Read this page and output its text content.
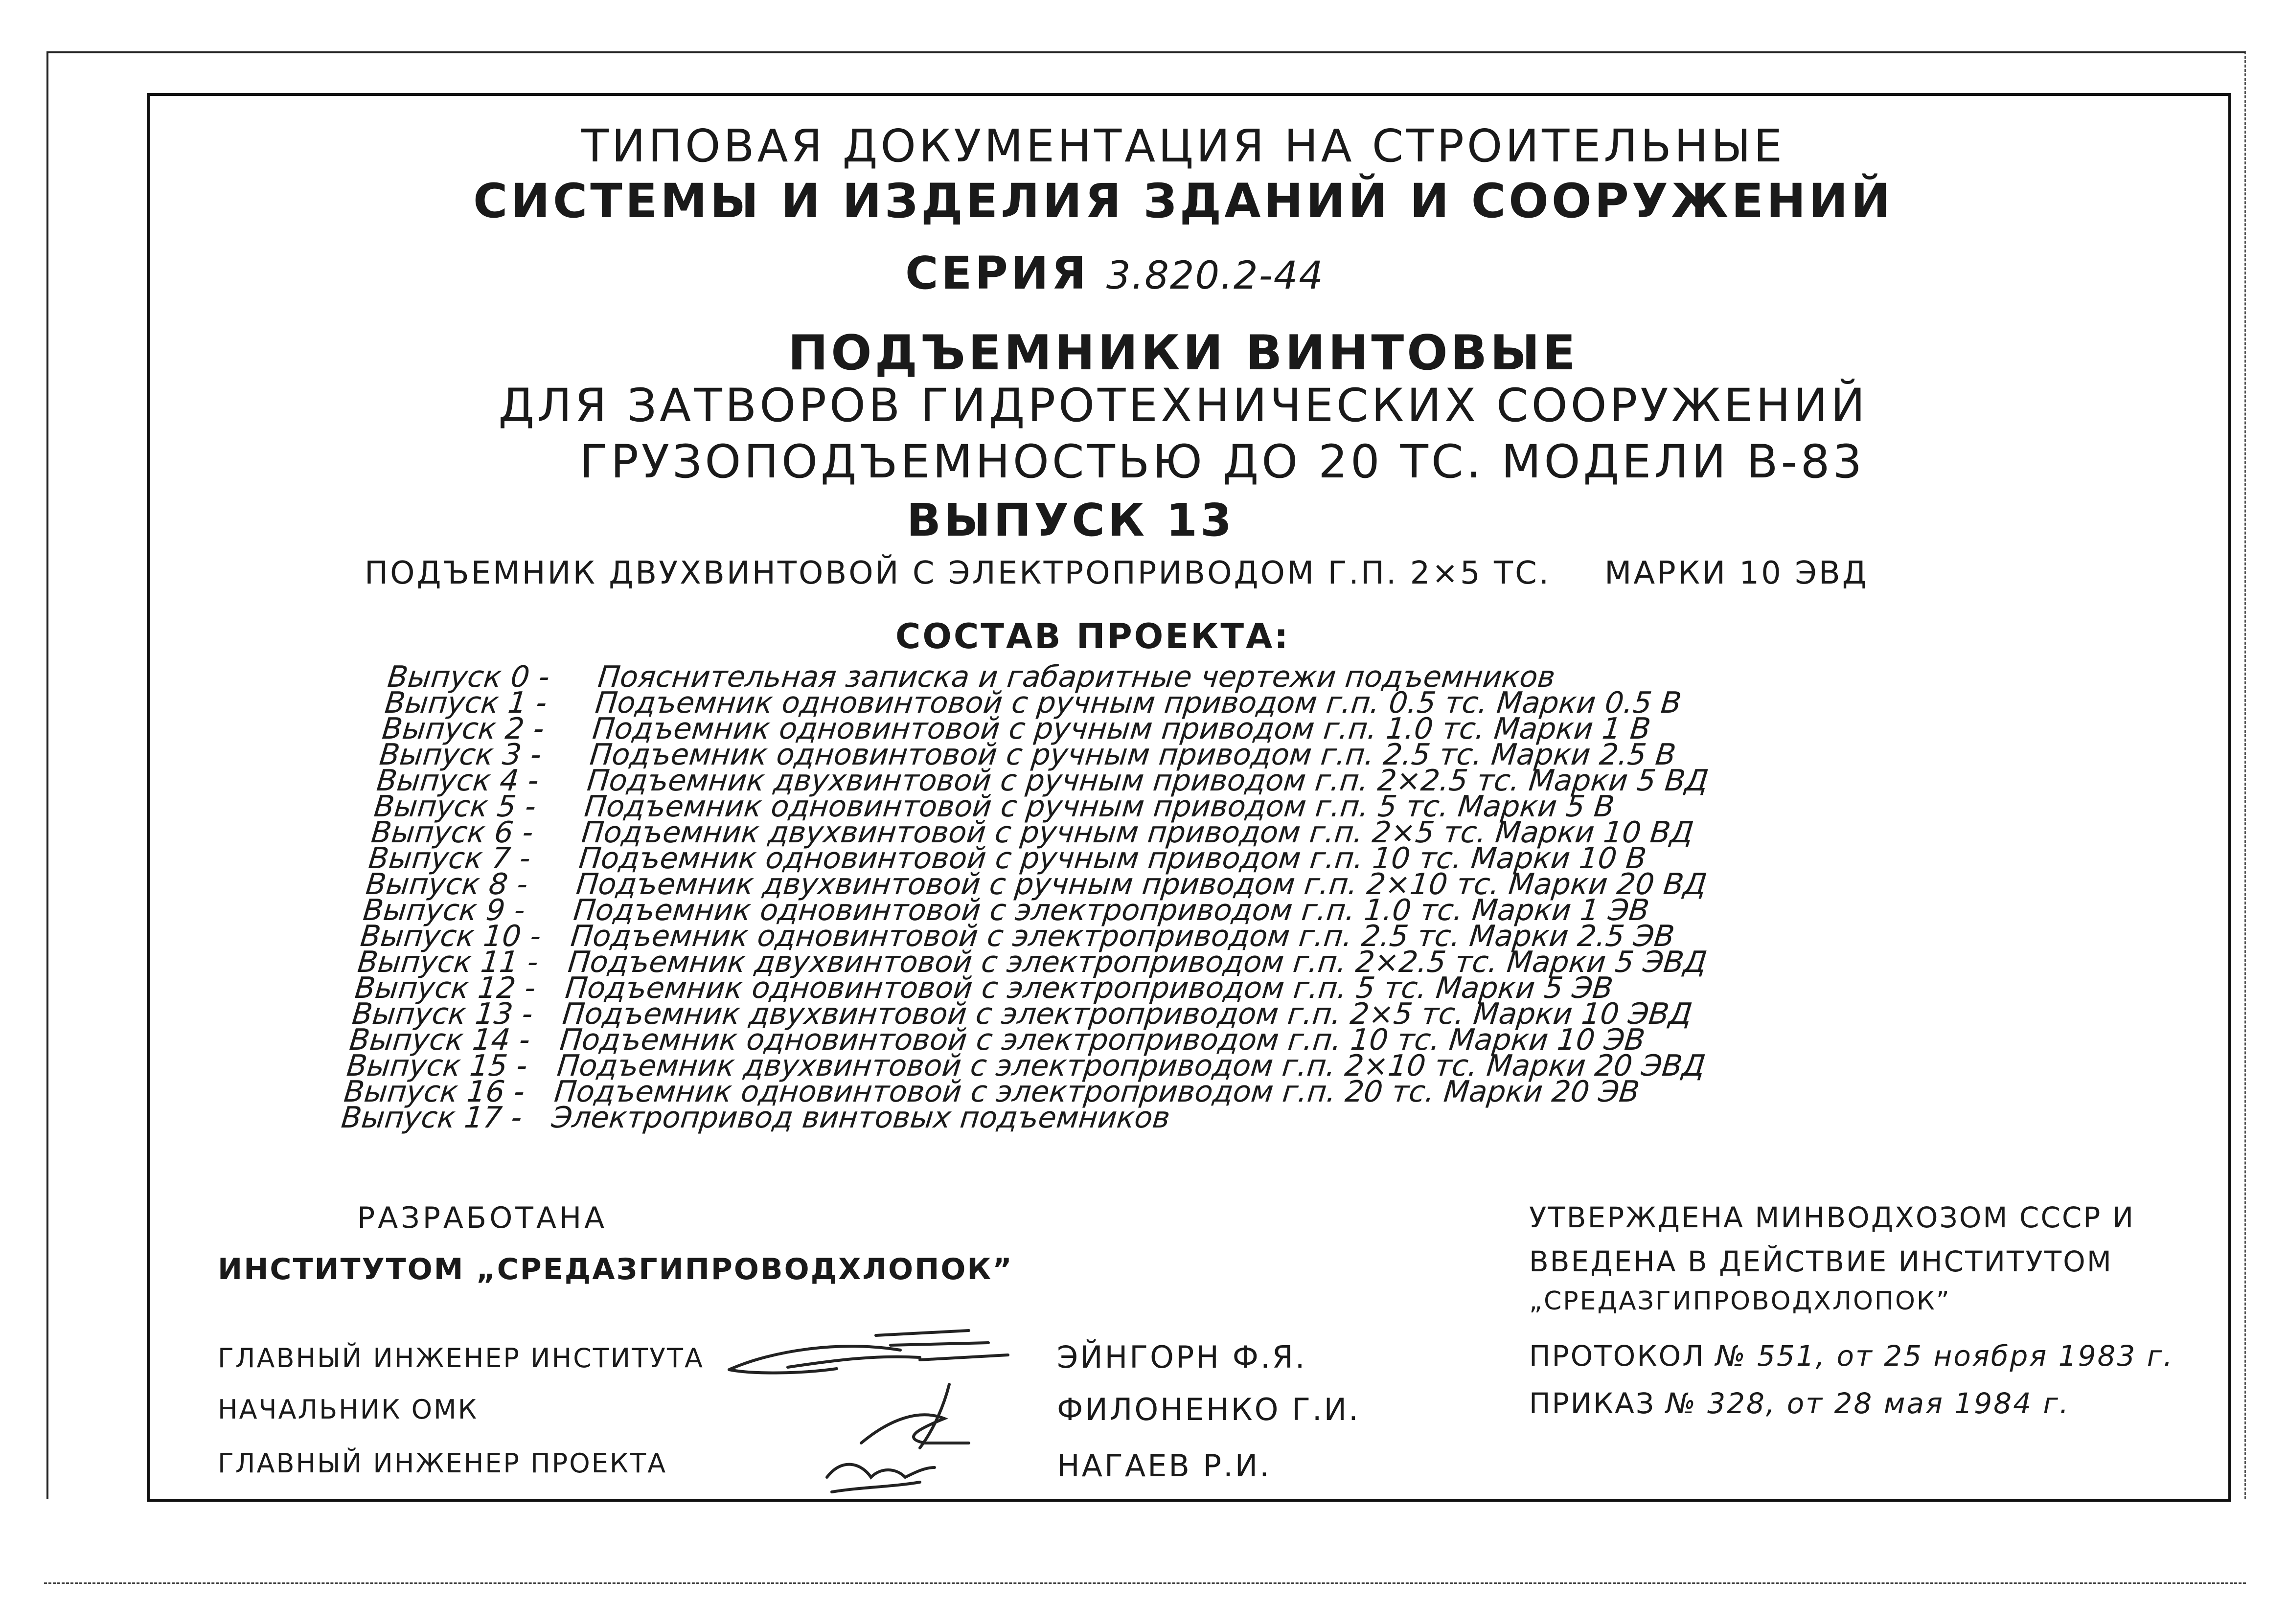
ТИПОВАЯ ДОКУМЕНТАЦИЯ НА СТРОИТЕЛЬНЫЕ
СИСТЕМЫ И ИЗДЕЛИЯ ЗДАНИЙ И СООРУЖЕНИЙ
СЕРИЯ 3.820.2-44
ПОДЪЕМНИКИ ВИНТОВЫЕ
ДЛЯ ЗАТВОРОВ ГИДРОТЕХНИЧЕСКИХ СООРУЖЕНИЙ
ГРУЗОПОДЪЕМНОСТЬЮ ДО 20 ТС. МОДЕЛИ В-83
ВЫПУСК 13
ПОДЪЕМНИК ДВУХВИНТОВОЙ С ЭЛЕКТРОПРИВОДОМ Г.П. 2×5 ТС. МАРКИ 10 ЭВД
СОСТАВ ПРОЕКТА:
Выпуск 0 - Пояснительная записка и габаритные чертежи подъемников
Выпуск 1 - Подъемник одновинтовой с ручным приводом г.п. 0.5 тс. Марки 0.5 В
Выпуск 2 - Подъемник одновинтовой с ручным приводом г.п. 1.0 тс. Марки 1 В
Выпуск 3 - Подъемник одновинтовой с ручным приводом г.п. 2.5 тс. Марки 2.5 В
Выпуск 4 - Подъемник двухвинтовой с ручным приводом г.п. 2×2.5 тс. Марки 5 ВД
Выпуск 5 - Подъемник одновинтовой с ручным приводом г.п. 5 тс. Марки 5 В
Выпуск 6 - Подъемник двухвинтовой с ручным приводом г.п. 2×5 тс. Марки 10 ВД
Выпуск 7 - Подъемник одновинтовой с ручным приводом г.п. 10 тс. Марки 10 В
Выпуск 8 - Подъемник двухвинтовой с ручным приводом г.п. 2×10 тс. Марки 20 ВД
Выпуск 9 - Подъемник одновинтовой с электроприводом г.п. 1.0 тс. Марки 1 ЭВ
Выпуск 10 - Подъемник одновинтовой с электроприводом г.п. 2.5 тс. Марки 2.5 ЭВ
Выпуск 11 - Подъемник двухвинтовой с электроприводом г.п. 2×2.5 тс. Марки 5 ЭВД
Выпуск 12 - Подъемник одновинтовой с электроприводом г.п. 5 тс. Марки 5 ЭВ
Выпуск 13 - Подъемник двухвинтовой с электроприводом г.п. 2×5 тс. Марки 10 ЭВД
Выпуск 14 - Подъемник одновинтовой с электроприводом г.п. 10 тс. Марки 10 ЭВ
Выпуск 15 - Подъемник двухвинтовой с электроприводом г.п. 2×10 тс. Марки 20 ЭВД
Выпуск 16 - Подъемник одновинтовой с электроприводом г.п. 20 тс. Марки 20 ЭВ
Выпуск 17 - Электропривод винтовых подъемников
РАЗРАБОТАНА
ИНСТИТУТОМ „СРЕДАЗГИПРОВОДХЛОПОК”
ГЛАВНЫЙ ИНЖЕНЕР ИНСТИТУТА
НАЧАЛЬНИК ОМК
ГЛАВНЫЙ ИНЖЕНЕР ПРОЕКТА
ЭЙНГОРН Ф.Я.
ФИЛОНЕНКО Г.И.
НАГАЕВ Р.И.
УТВЕРЖДЕНА МИНВОДХОЗОМ СССР И
ВВЕДЕНА В ДЕЙСТВИЕ ИНСТИТУТОМ
„СРЕДАЗГИПРОВОДХЛОПОК”
ПРОТОКОЛ № 551, от 25 ноября 1983 г.
ПРИКАЗ № 328, от 28 мая 1984 г.
